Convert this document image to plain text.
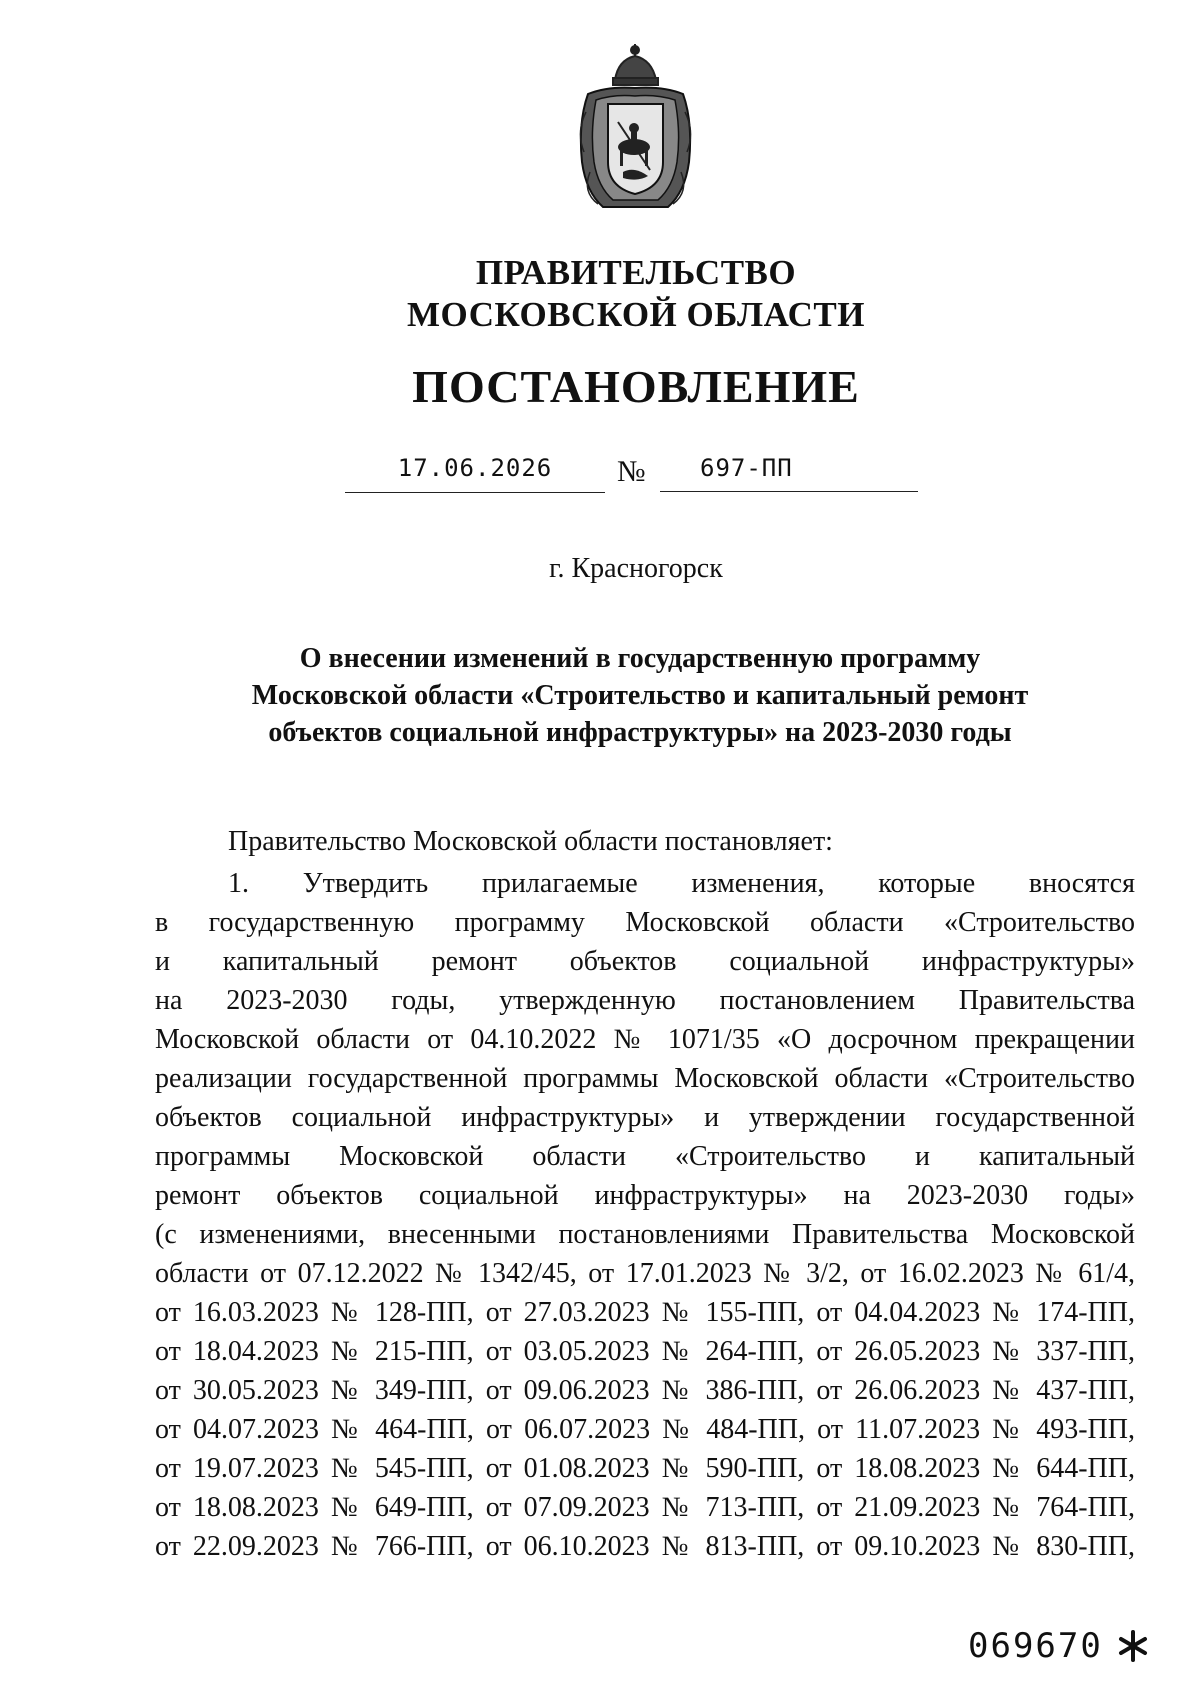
ПРАВИТЕЛЬСТВО
МОСКОВСКОЙ ОБЛАСТИ
ПОСТАНОВЛЕНИЕ
17.06.2026	№	697-ПП
г. Красногорск
О внесении изменений в государственную программу
Московской области «Строительство и капитальный ремонт
объектов социальной инфраструктуры» на 2023-2030 годы
Правительство Московской области постановляет:
1. Утвердить прилагаемые изменения, которые вносятся
в государственную программу Московской области «Строительство
и капитальный ремонт объектов социальной инфраструктуры»
на 2023-2030 годы, утвержденную постановлением Правительства
Московской области от 04.10.2022 № 1071/35 «О досрочном прекращении
реализации государственной программы Московской области «Строительство
объектов социальной инфраструктуры» и утверждении государственной
программы Московской области «Строительство и капитальный
ремонт объектов социальной инфраструктуры» на 2023-2030 годы»
(с изменениями, внесенными постановлениями Правительства Московской
области от 07.12.2022 № 1342/45, от 17.01.2023 № 3/2, от 16.02.2023 № 61/4,
от 16.03.2023 № 128-ПП, от 27.03.2023 № 155-ПП, от 04.04.2023 № 174-ПП,
от 18.04.2023 № 215-ПП, от 03.05.2023 № 264-ПП, от 26.05.2023 № 337-ПП,
от 30.05.2023 № 349-ПП, от 09.06.2023 № 386-ПП, от 26.06.2023 № 437-ПП,
от 04.07.2023 № 464-ПП, от 06.07.2023 № 484-ПП, от 11.07.2023 № 493-ПП,
от 19.07.2023 № 545-ПП, от 01.08.2023 № 590-ПП, от 18.08.2023 № 644-ПП,
от 18.08.2023 № 649-ПП, от 07.09.2023 № 713-ПП, от 21.09.2023 № 764-ПП,
от 22.09.2023 № 766-ПП, от 06.10.2023 № 813-ПП, от 09.10.2023 № 830-ПП,
069670
